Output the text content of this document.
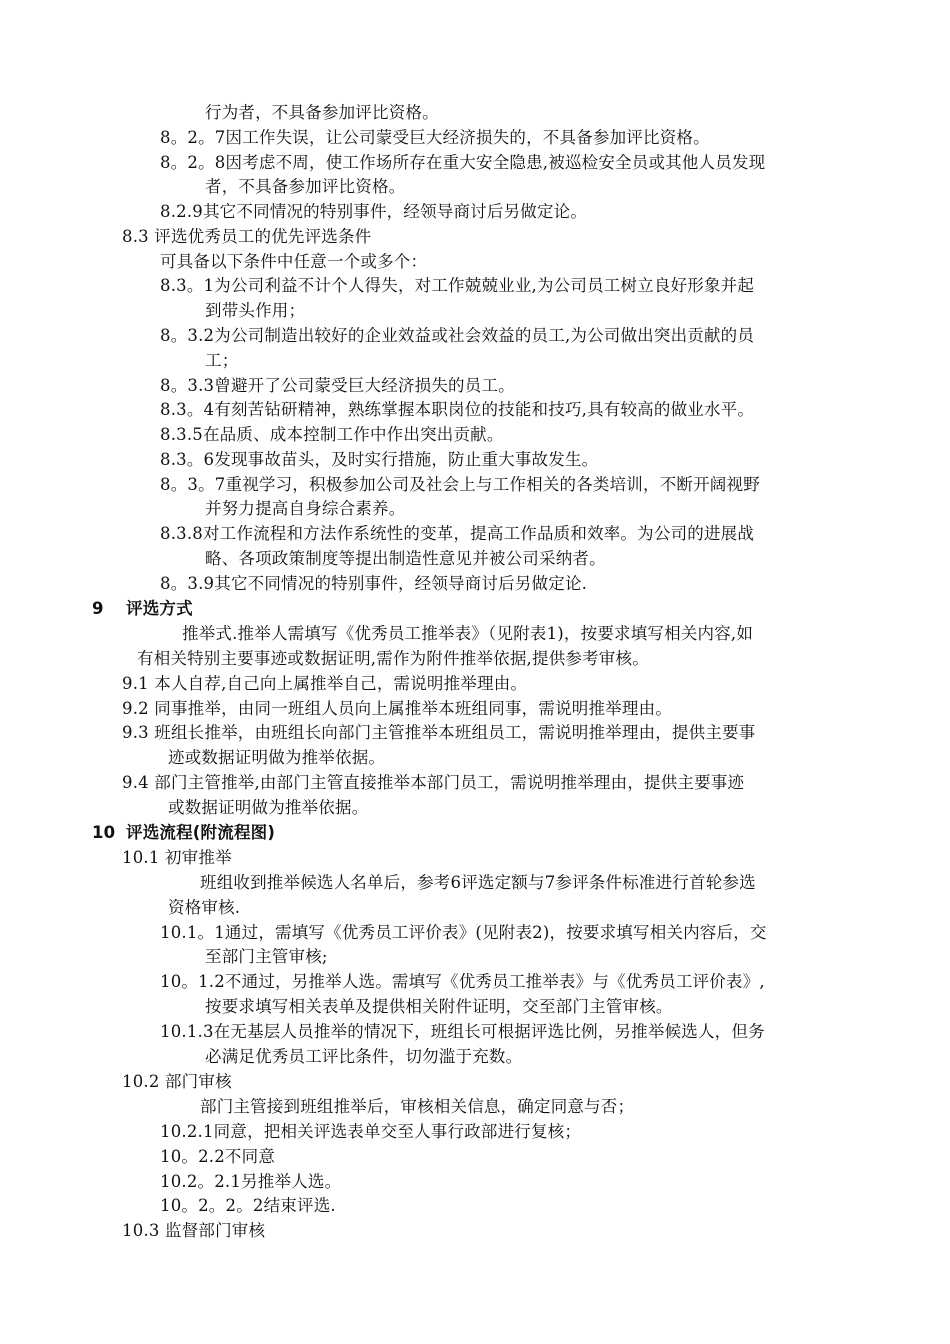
行为者，不具备参加评比资格。
8。2。7因工作失误，让公司蒙受巨大经济损失的，不具备参加评比资格。
8。2。8因考虑不周，使工作场所存在重大安全隐患,被巡检安全员或其他人员发现
者，不具备参加评比资格。
8.2.9其它不同情况的特别事件，经领导商讨后另做定论。
8.3 评选优秀员工的优先评选条件
可具备以下条件中任意一个或多个：
8.3。1为公司利益不计个人得失，对工作兢兢业业,为公司员工树立良好形象并起
到带头作用；
8。3.2为公司制造出较好的企业效益或社会效益的员工,为公司做出突出贡献的员
工；
8。3.3曾避开了公司蒙受巨大经济损失的员工。
8.3。4有刻苦钻研精神，熟练掌握本职岗位的技能和技巧,具有较高的做业水平。
8.3.5在品质、成本控制工作中作出突出贡献。
8.3。6发现事故苗头，及时实行措施，防止重大事故发生。
8。3。7重视学习，积极参加公司及社会上与工作相关的各类培训，不断开阔视野
并努力提高自身综合素养。
8.3.8对工作流程和方法作系统性的变革，提高工作品质和效率。为公司的进展战
略、各项政策制度等提出制造性意见并被公司采纳者。
8。3.9其它不同情况的特别事件，经领导商讨后另做定论.
9 评选方式
推举式.推举人需填写《优秀员工推举表》（见附表1)，按要求填写相关内容,如
有相关特别主要事迹或数据证明,需作为附件推举依据,提供参考审核。
9.1 本人自荐,自己向上属推举自己，需说明推举理由。
9.2 同事推举，由同一班组人员向上属推举本班组同事，需说明推举理由。
9.3 班组长推举，由班组长向部门主管推举本班组员工，需说明推举理由，提供主要事
迹或数据证明做为推举依据。
9.4 部门主管推举,由部门主管直接推举本部门员工，需说明推举理由，提供主要事迹
或数据证明做为推举依据。
10 评选流程(附流程图)
10.1 初审推举
班组收到推举候选人名单后，参考6评选定额与7参评条件标准进行首轮参选
资格审核.
10.1。1通过，需填写《优秀员工评价表》(见附表2)，按要求填写相关内容后，交
至部门主管审核;
10。1.2不通过，另推举人选。需填写《优秀员工推举表》与《优秀员工评价表》,
按要求填写相关表单及提供相关附件证明，交至部门主管审核。
10.1.3在无基层人员推举的情况下，班组长可根据评选比例，另推举候选人，但务
必满足优秀员工评比条件，切勿滥于充数。
10.2 部门审核
部门主管接到班组推举后，审核相关信息，确定同意与否；
10.2.1同意，把相关评选表单交至人事行政部进行复核；
10。2.2不同意
10.2。2.1另推举人选。
10。2。2。2结束评选.
10.3 监督部门审核
